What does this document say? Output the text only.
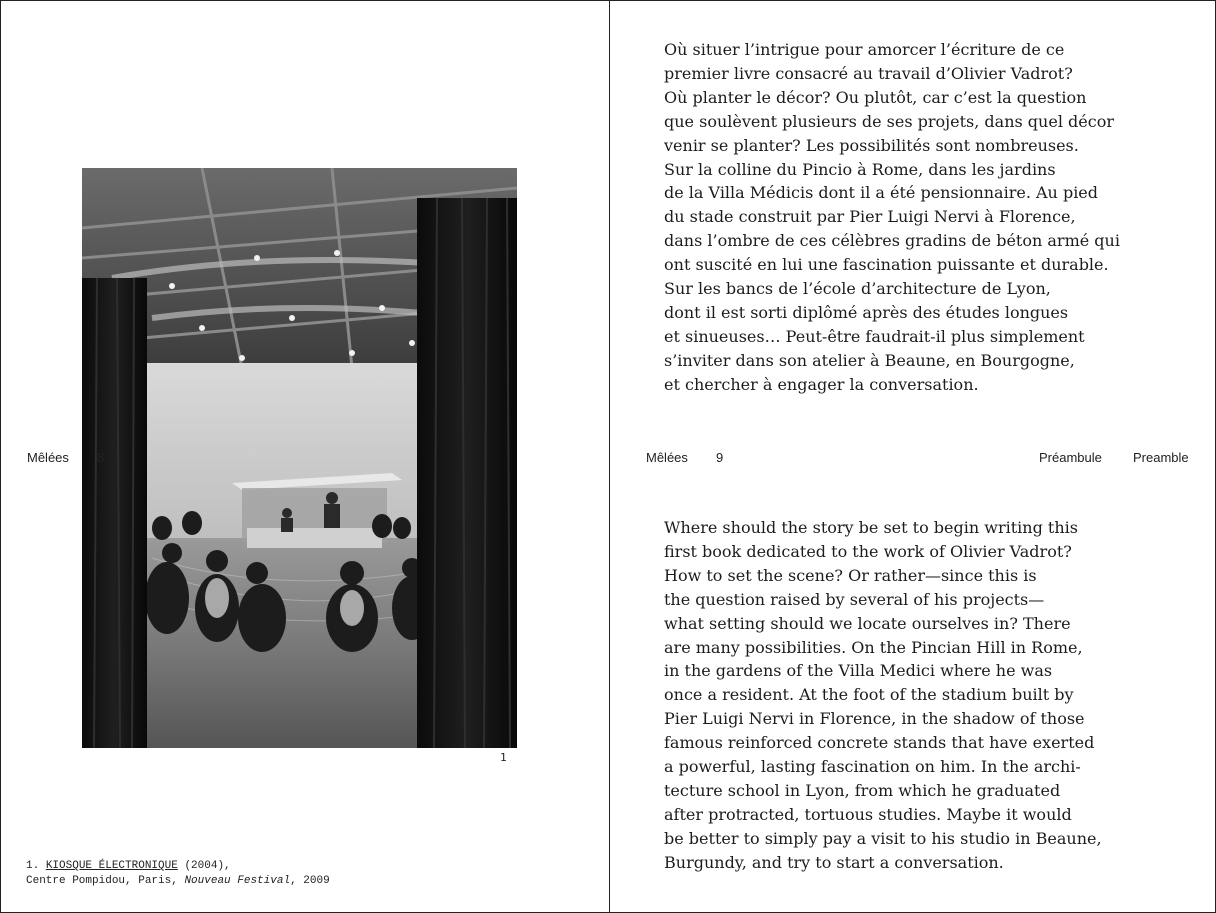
1
Mêlées 8
1. KIOSQUE ÉLECTRONIQUE (2004),
Centre Pompidou, Paris, Nouveau Festival, 2009
Où situer l’intrigue pour amorcer l’écriture de ce
premier livre consacré au travail d’Olivier Vadrot?
Où planter le décor? Ou plutôt, car c’est la question
que soulèvent plusieurs de ses projets, dans quel décor
venir se planter? Les possibilités sont nombreuses.
Sur la colline du Pincio à Rome, dans les jardins
de la Villa Médicis dont il a été pensionnaire. Au pied
du stade construit par Pier Luigi Nervi à Florence,
dans l’ombre de ces célèbres gradins de béton armé qui
ont suscité en lui une fascination puissante et durable.
Sur les bancs de l’école d’architecture de Lyon,
dont il est sorti diplômé après des études longues
et sinueuses… Peut-être faudrait-il plus simplement
s’inviter dans son atelier à Beaune, en Bourgogne,
et chercher à engager la conversation.
Mêlées 9	Préambule Preamble
Where should the story be set to begin writing this
first book dedicated to the work of Olivier Vadrot?
How to set the scene? Or rather—since this is
the question raised by several of his projects—
what setting should we locate ourselves in? There
are many possibilities. On the Pincian Hill in Rome,
in the gardens of the Villa Medici where he was
once a resident. At the foot of the stadium built by
Pier Luigi Nervi in Florence, in the shadow of those
famous reinforced concrete stands that have exerted
a powerful, lasting fascination on him. In the archi-
tecture school in Lyon, from which he graduated
after protracted, tortuous studies. Maybe it would
be better to simply pay a visit to his studio in Beaune,
Burgundy, and try to start a conversation.
